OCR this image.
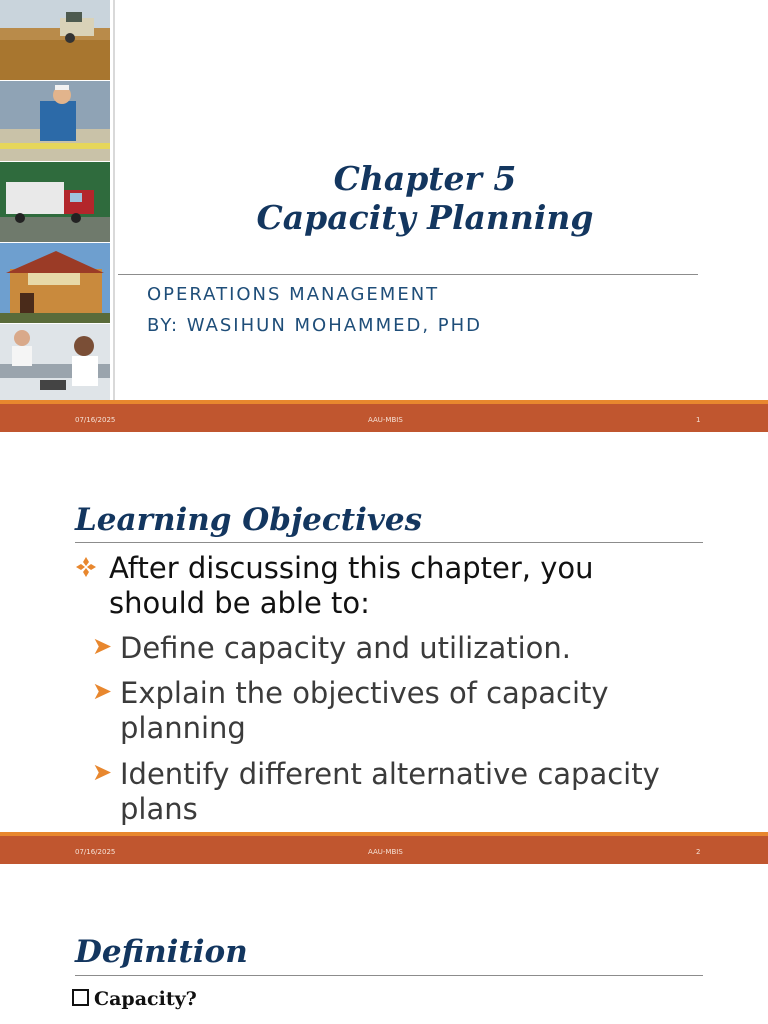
Chapter 5
Capacity Planning
OPERATIONS MANAGEMENT
BY: WASIHUN MOHAMMED, PHD
07/16/2025	AAU-MBIS	1
Learning Objectives
After discussing this chapter, you should be able to:
➤ Define capacity and utilization.
➤ Explain the objectives of capacity planning
➤ Identify different alternative capacity plans
07/16/2025	AAU-MBIS	2
Definition
Capacity?
